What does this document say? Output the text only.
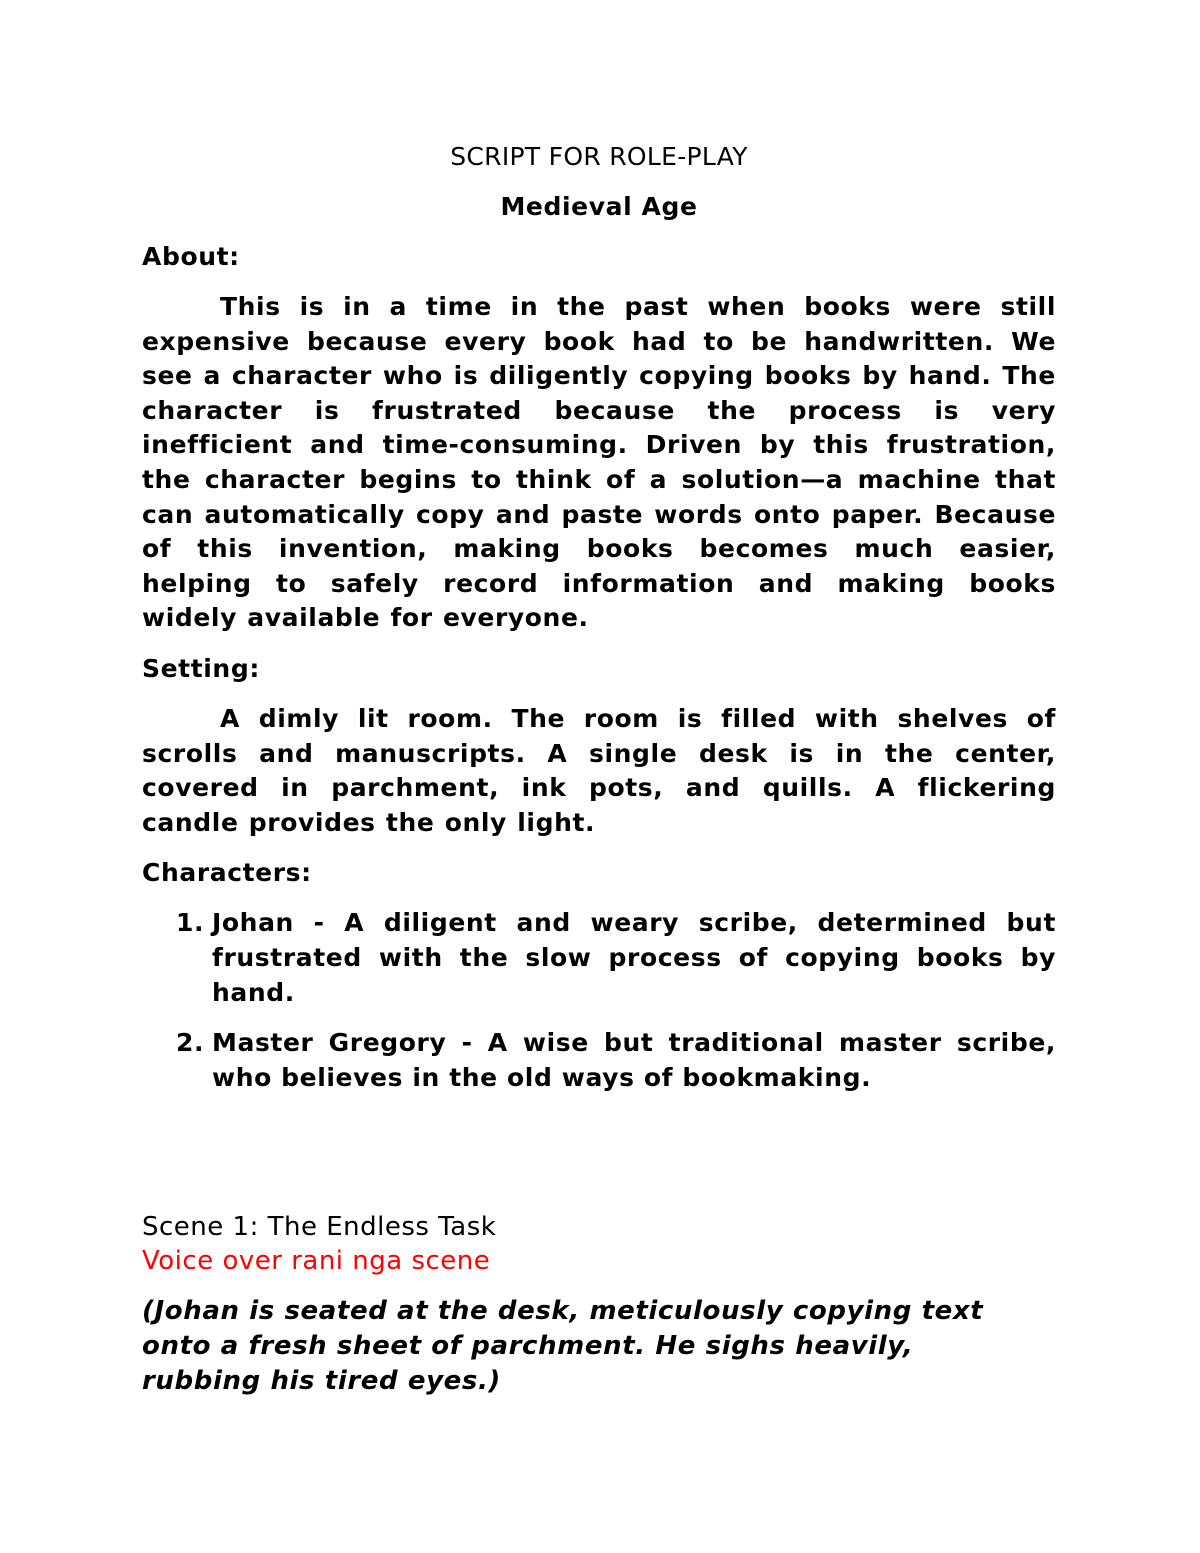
SCRIPT FOR ROLE-PLAY
Medieval Age
About:

This is in a time in the past when books were still expensive because every book had to be handwritten. We see a character who is diligently copying books by hand. The character is frustrated because the process is very inefficient and time-consuming. Driven by this frustration, the character begins to think of a solution—a machine that can automatically copy and paste words onto paper. Because of this invention, making books becomes much easier, helping to safely record information and making books widely available for everyone.

Setting:

A dimly lit room. The room is filled with shelves of scrolls and manuscripts. A single desk is in the center, covered in parchment, ink pots, and quills. A flickering candle provides the only light.

Characters:
1. Johan - A diligent and weary scribe, determined but frustrated with the slow process of copying books by hand.
2. Master Gregory - A wise but traditional master scribe, who believes in the old ways of bookmaking.
Scene 1: The Endless Task
Voice over rani nga scene

(Johan is seated at the desk, meticulously copying text onto a fresh sheet of parchment. He sighs heavily, rubbing his tired eyes.)
